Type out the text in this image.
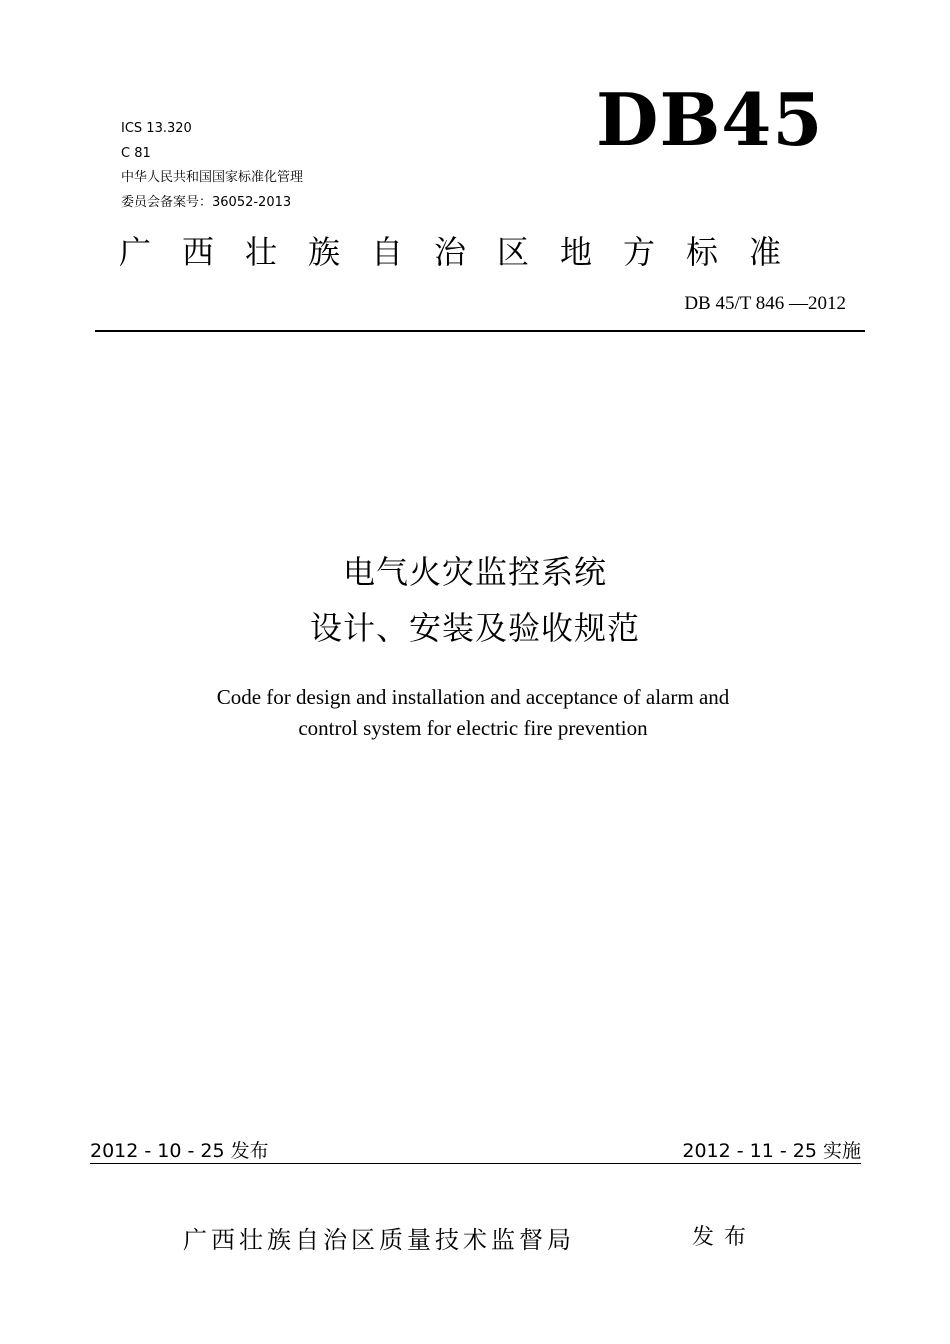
ICS 13.320
C 81
中华人民共和国国家标准化管理
委员会备案号：36052-2013
DB45
广西壮族自治区地方标准
DB 45/T 846 —2012
电气火灾监控系统
设计、安装及验收规范
Code for design and installation and acceptance of alarm and
control system for electric fire prevention
2012 - 10 - 25 发布	2012 - 11 - 25 实施
广西壮族自治区质量技术监督局	发布
